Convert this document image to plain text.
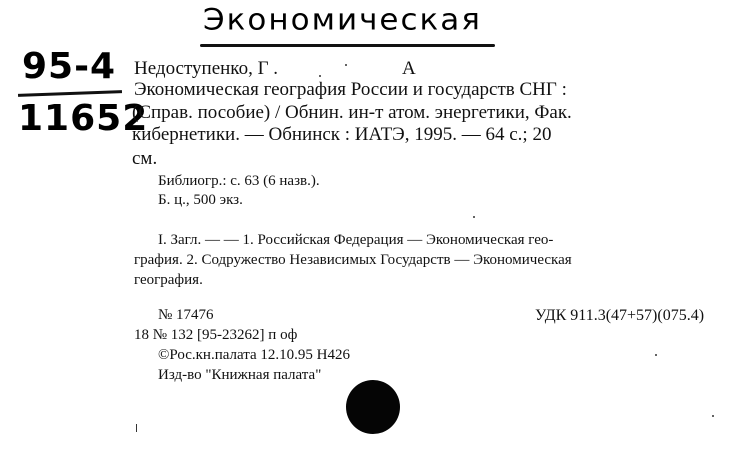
Экономическая
95-4
11652
Недоступенко, Г .	А
Экономическая география России и государств СНГ :
(Справ. пособие) / Обнин. ин-т атом. энергетики, Фак.
кибернетики. — Обнинск : ИАТЭ, 1995. — 64 с.; 20
см.
Библиогр.: с. 63 (6 назв.).
Б. ц., 500 экз.
I. Загл. — — 1. Российская Федерация — Экономическая гео-
графия. 2. Содружество Независимых Государств — Экономическая
география.
№ 17476	УДК 911.3(47+57)(075.4)
18 № 132 [95-23262] п оф
©Рос.кн.палата 12.10.95 Н426
Изд-во "Книжная палата"
